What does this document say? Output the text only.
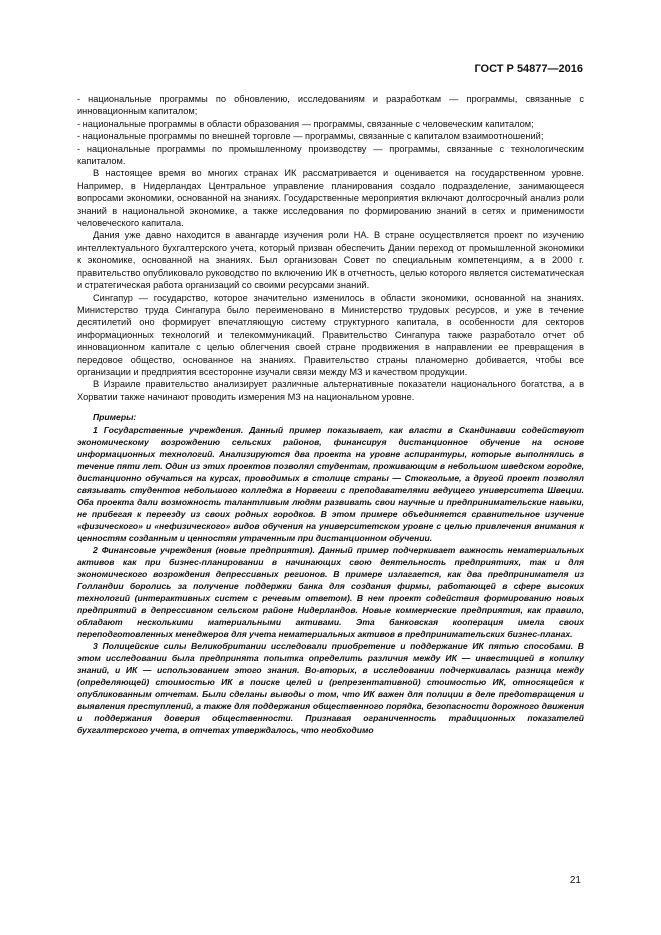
ГОСТ Р 54877—2016

- национальные программы по обновлению, исследованиям и разработкам — программы, связанные с инновационным капиталом;

- национальные программы в области образования — программы, связанные с человеческим капиталом;

- национальные программы по внешней торговле — программы, связанные с капиталом взаимоотношений;

- национальные программы по промышленному производству — программы, связанные с технологическим капиталом.

В настоящее время во многих странах ИК рассматривается и оценивается на государственном уровне. Например, в Нидерландах Центральное управление планирования создало подразделение, занимающееся вопросами экономики, основанной на знаниях. Государственные мероприятия включают долгосрочный анализ роли знаний в национальной экономике, а также исследования по формированию знаний в сетях и применимости человеческого капитала.

Дания уже давно находится в авангарде изучения роли НА. В стране осуществляется проект по изучению интеллектуального бухгалтерского учета, который призван обеспечить Дании переход от промышленной экономики к экономике, основанной на знаниях. Был организован Совет по специальным компетенциям, а в 2000 г. правительство опубликовало руководство по включению ИК в отчетность, целью которого является систематическая и стратегическая работа организаций со своими ресурсами знаний.

Сингапур — государство, которое значительно изменилось в области экономики, основанной на знаниях. Министерство труда Сингапура было переименовано в Министерство трудовых ресурсов, и уже в течение десятилетий оно формирует впечатляющую систему структурного капитала, в особенности для секторов информационных технологий и телекоммуникаций. Правительство Сингапура также разработало отчет об инновационном капитале с целью облегчения своей стране продвижения в направлении ее превращения в передовое общество, основанное на знаниях. Правительство страны планомерно добивается, чтобы все организации и предприятия всесторонне изучали связи между МЗ и качеством продукции.

В Израиле правительство анализирует различные альтернативные показатели национального богатства, а в Хорватии также начинают проводить измерения МЗ на национальном уровне.

Примеры:

1 Государственные учреждения. Данный пример показывает, как власти в Скандинавии содействуют экономическому возрождению сельских районов, финансируя дистанционное обучение на основе информационных технологий. Анализируются два проекта на уровне аспирантуры, которые выполнялись в течение пяти лет. Один из этих проектов позволял студентам, проживающим в небольшом шведском городке, дистанционно обучаться на курсах, проводимых в столице страны — Стокгольме, а другой проект позволял связывать студентов небольшого колледжа в Норвегии с преподавателями ведущего университета Швеции. Оба проекта дали возможность талантливым людям развивать свои научные и предпринимательские навыки, не прибегая к переезду из своих родных городков. В этом примере объединяется сравнительное изучение «физического» и «нефизического» видов обучения на университетском уровне с целью привлечения внимания к ценностям созданным и ценностям утраченным при дистанционном обучении.

2 Финансовые учреждения (новые предприятия). Данный пример подчеркивает важность нематериальных активов как при бизнес-планировании в начинающих свою деятельность предприятиях, так и для экономического возрождения депрессивных регионов. В примере излагается, как два предпринимателя из Голландии боролись за получение поддержки банка для создания фирмы, работающей в сфере высоких технологий (интерактивных систем с речевым ответом). В нем проект содействия формированию новых предприятий в депрессивном сельском районе Нидерландов. Новые коммерческие предприятия, как правило, обладают несколькими материальными активами. Эта банковская кооперация имела своих переподготовленных менеджеров для учета нематериальных активов в предпринимательских бизнес-планах.

3 Полицейские силы Великобритании исследовали приобретение и поддержание ИК пятью способами. В этом исследовании была предпринята попытка определить различия между ИК — инвестицией в копилку знаний, и ИК — использованием этого знания. Во-вторых, в исследовании подчеркивалась разница между (определяющей) стоимостью ИК в поиске целей и (репрезентативной) стоимостью ИК, относящейся к опубликованным отчетам. Были сделаны выводы о том, что ИК важен для полиции в деле предотвращения и выявления преступлений, а также для поддержания общественного порядка, безопасности дорожного движения и поддержания доверия общественности. Признавая ограниченность традиционных показателей бухгалтерского учета, в отчетах утверждалось, что необходимо

21
